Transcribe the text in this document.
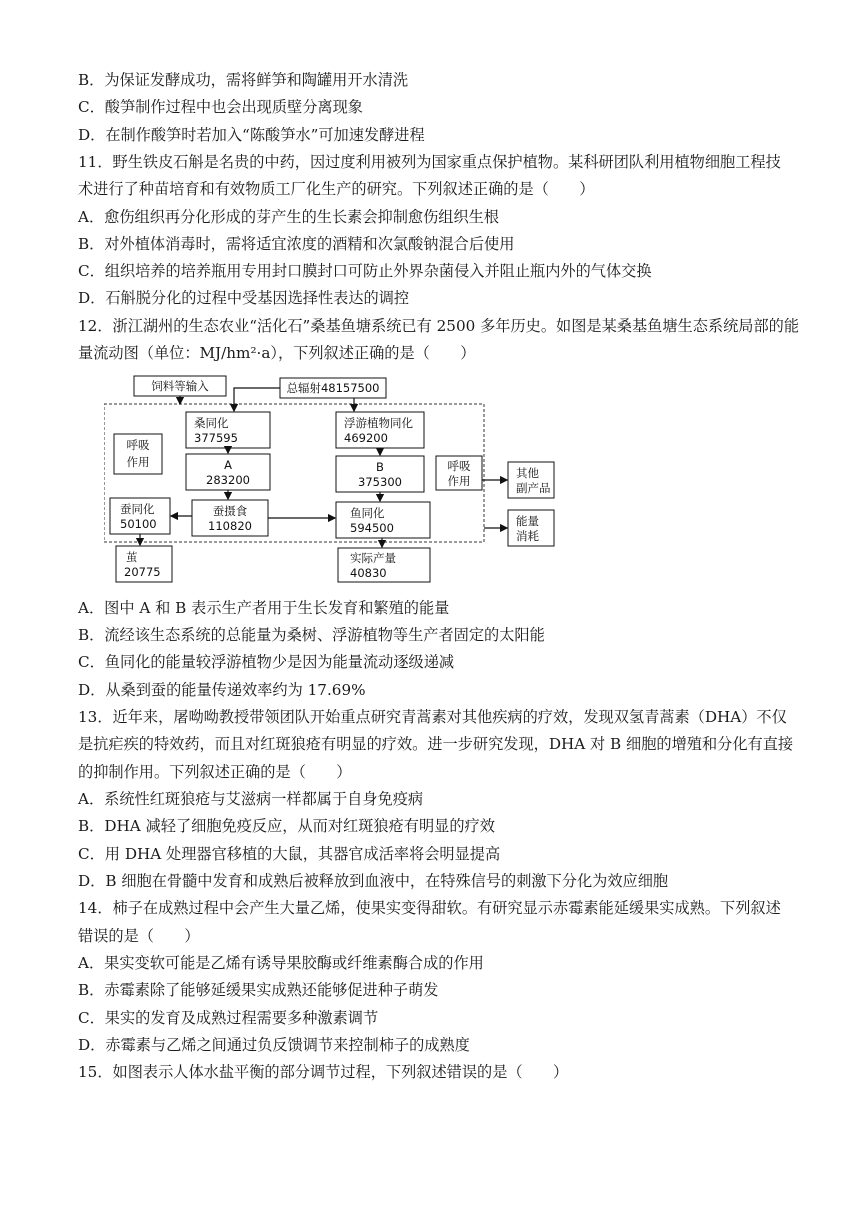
B．为保证发酵成功，需将鲜笋和陶罐用开水清洗
C．酸笋制作过程中也会出现质壁分离现象
D．在制作酸笋时若加入“陈酸笋水”可加速发酵进程
11．野生铁皮石斛是名贵的中药，因过度利用被列为国家重点保护植物。某科研团队利用植物细胞工程技
术进行了种苗培育和有效物质工厂化生产的研究。下列叙述正确的是（　　）
A．愈伤组织再分化形成的芽产生的生长素会抑制愈伤组织生根
B．对外植体消毒时，需将适宜浓度的酒精和次氯酸钠混合后使用
C．组织培养的培养瓶用专用封口膜封口可防止外界杂菌侵入并阻止瓶内外的气体交换
D．石斛脱分化的过程中受基因选择性表达的调控
12．浙江湖州的生态农业“活化石”桑基鱼塘系统已有 2500 多年历史。如图是某桑基鱼塘生态系统局部的能
量流动图（单位：MJ/hm²·a），下列叙述正确的是（　　）
饲料等输入	总辐射48157500
桑同化
377595
浮游植物同化
469200
呼吸
作用	A
283200
B
375300
呼吸
作用
其他
副产品
蚕同化
50100
蚕摄食
110820
鱼同化
594500	能量
消耗
茧
20775
实际产量
40830
A．图中 A 和 B 表示生产者用于生长发育和繁殖的能量
B．流经该生态系统的总能量为桑树、浮游植物等生产者固定的太阳能
C．鱼同化的能量较浮游植物少是因为能量流动逐级递减
D．从桑到蚕的能量传递效率约为 17.69%
13．近年来，屠呦呦教授带领团队开始重点研究青蒿素对其他疾病的疗效，发现双氢青蒿素（DHA）不仅
是抗疟疾的特效药，而且对红斑狼疮有明显的疗效。进一步研究发现，DHA 对 B 细胞的增殖和分化有直接
的抑制作用。下列叙述正确的是（　　）
A．系统性红斑狼疮与艾滋病一样都属于自身免疫病
B．DHA 减轻了细胞免疫反应，从而对红斑狼疮有明显的疗效
C．用 DHA 处理器官移植的大鼠，其器官成活率将会明显提高
D．B 细胞在骨髓中发育和成熟后被释放到血液中，在特殊信号的刺激下分化为效应细胞
14．柿子在成熟过程中会产生大量乙烯，使果实变得甜软。有研究显示赤霉素能延缓果实成熟。下列叙述
错误的是（　　）
A．果实变软可能是乙烯有诱导果胶酶或纤维素酶合成的作用
B．赤霉素除了能够延缓果实成熟还能够促进种子萌发
C．果实的发育及成熟过程需要多种激素调节
D．赤霉素与乙烯之间通过负反馈调节来控制柿子的成熟度
15．如图表示人体水盐平衡的部分调节过程，下列叙述错误的是（　　）
